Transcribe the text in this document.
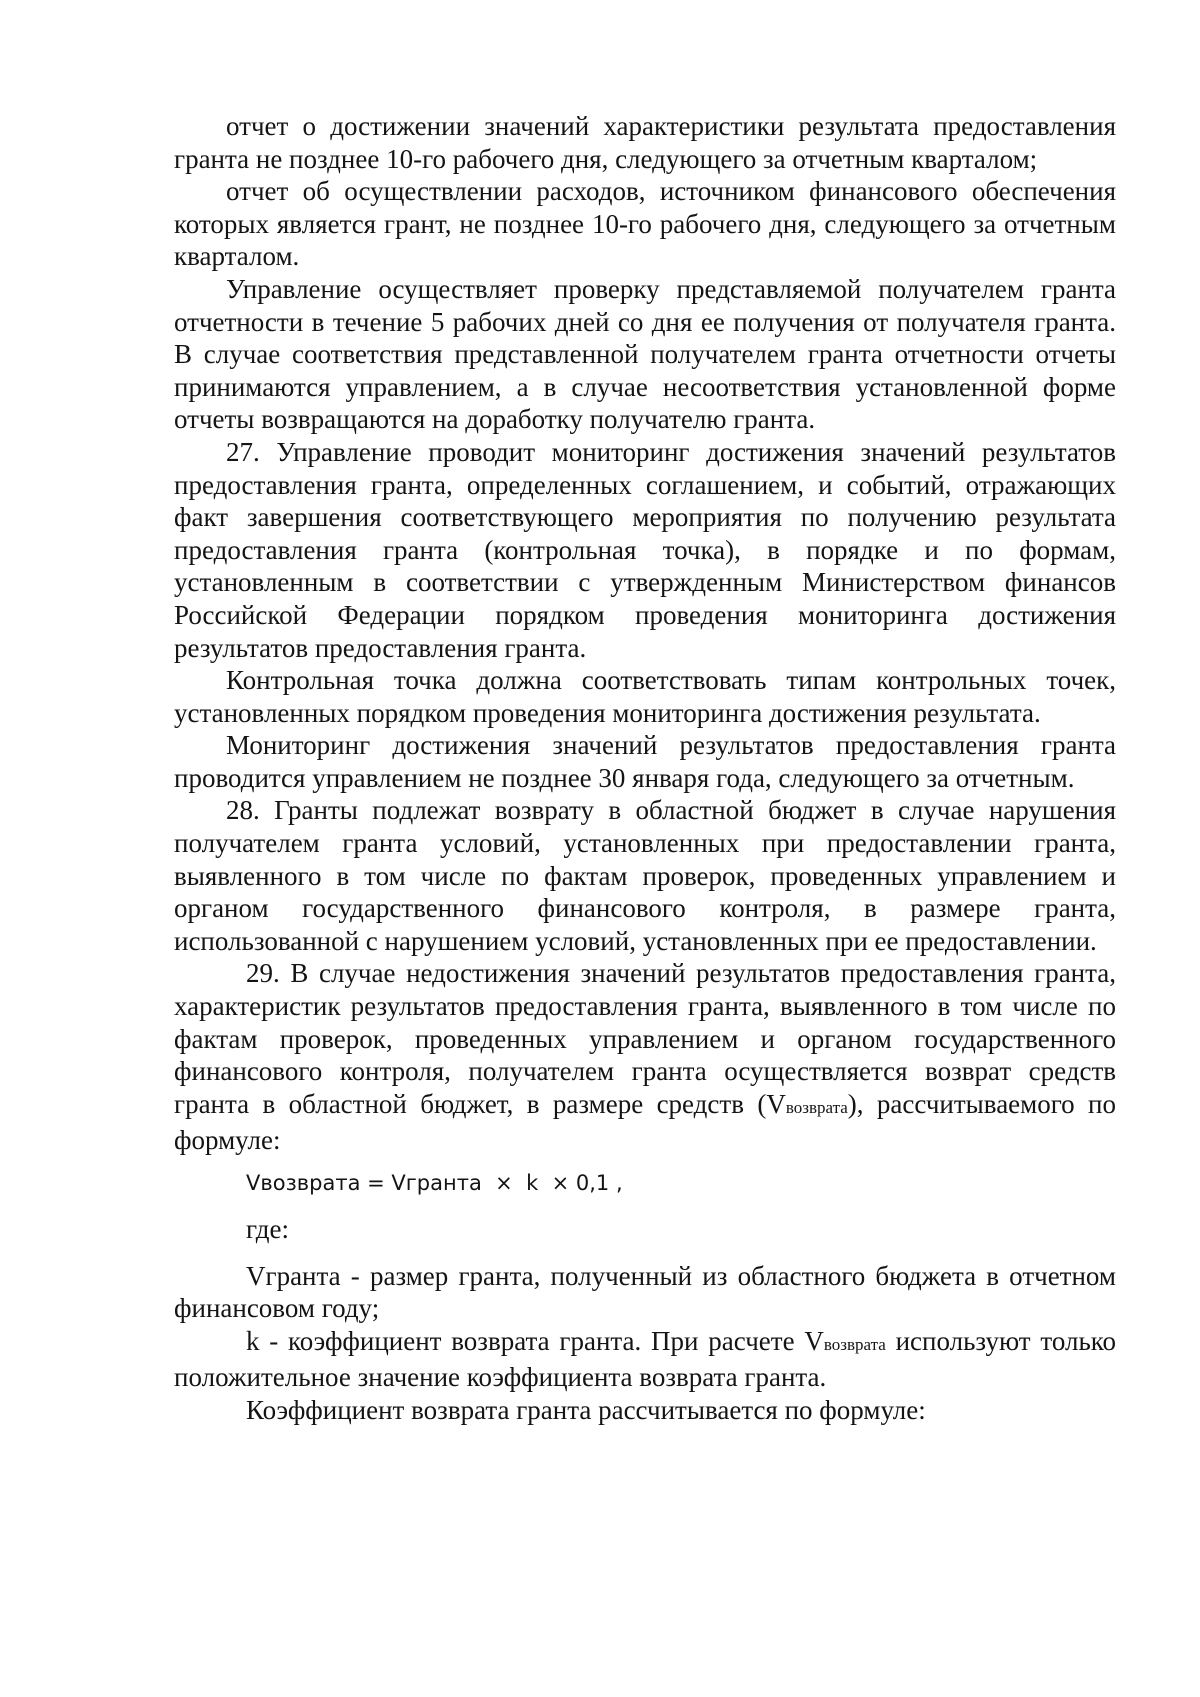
отчет о достижении значений характеристики результата предоставления гранта не позднее 10-го рабочего дня, следующего за отчетным кварталом;

отчет об осуществлении расходов, источником финансового обеспечения которых является грант, не позднее 10-го рабочего дня, следующего за отчетным кварталом.

Управление осуществляет проверку представляемой получателем гранта отчетности в течение 5 рабочих дней со дня ее получения от получателя гранта. В случае соответствия представленной получателем гранта отчетности отчеты принимаются управлением, а в случае несоответствия установленной форме отчеты возвращаются на доработку получателю гранта.

27. Управление проводит мониторинг достижения значений результатов предоставления гранта, определенных соглашением, и событий, отражающих факт завершения соответствующего мероприятия по получению результата предоставления гранта (контрольная точка), в порядке и по формам, установленным в соответствии с утвержденным Министерством финансов Российской Федерации порядком проведения мониторинга достижения результатов предоставления гранта.

Контрольная точка должна соответствовать типам контрольных точек, установленных порядком проведения мониторинга достижения результата.

Мониторинг достижения значений результатов предоставления гранта проводится управлением не позднее 30 января года, следующего за отчетным.

28. Гранты подлежат возврату в областной бюджет в случае нарушения получателем гранта условий, установленных при предоставлении гранта, выявленного в том числе по фактам проверок, проведенных управлением и органом государственного финансового контроля, в размере гранта, использованной с нарушением условий, установленных при ее предоставлении.

29. В случае недостижения значений результатов предоставления гранта, характеристик результатов предоставления гранта, выявленного в том числе по фактам проверок, проведенных управлением и органом государственного финансового контроля, получателем гранта осуществляется возврат средств гранта в областной бюджет, в размере средств (Vвозврата), рассчитываемого по формуле:

Vвозврата = Vгранта  ×  k  × 0,1 ,
где:

Vгранта - размер гранта, полученный из областного бюджета в отчетном финансовом году;

k - коэффициент возврата гранта. При расчете Vвозврата используют только положительное значение коэффициента возврата гранта.

Коэффициент возврата гранта рассчитывается по формуле:
